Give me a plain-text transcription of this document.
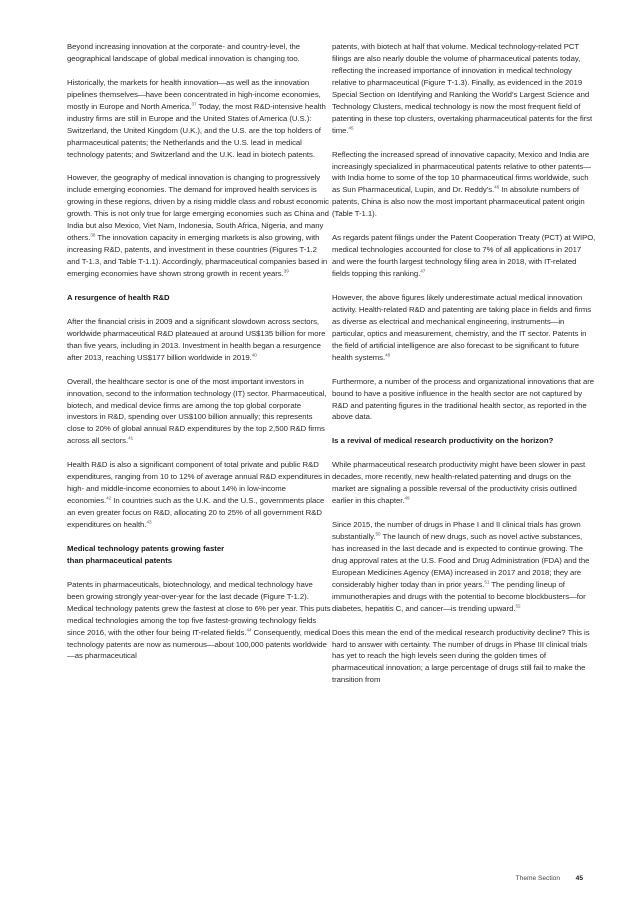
Beyond increasing innovation at the corporate- and country-level, the geographical landscape of global medical innovation is changing too.

Historically, the markets for health innovation—as well as the innovation pipelines themselves—have been concentrated in high-income economies, mostly in Europe and North America.$^{37}$ Today, the most R&D-intensive health industry firms are still in Europe and the United States of America (U.S.): Switzerland, the United Kingdom (U.K.), and the U.S. are the top holders of pharmaceutical patents; the Netherlands and the U.S. lead in medical technology patents; and Switzerland and the U.K. lead in biotech patents.

However, the geography of medical innovation is changing to progressively include emerging economies. The demand for improved health services is growing in these regions, driven by a rising middle class and robust economic growth. This is not only true for large emerging economies such as China and India but also Mexico, Viet Nam, Indonesia, South Africa, Nigeria, and many others.$^{38}$ The innovation capacity in emerging markets is also growing, with increasing R&D, patents, and investment in these countries (Figures T-1.2 and T-1.3, and Table T-1.1). Accordingly, pharmaceutical companies based in emerging economies have shown strong growth in recent years.$^{39}$

A resurgence of health R&D

After the financial crisis in 2009 and a significant slowdown across sectors, worldwide pharmaceutical R&D plateaued at around US$135 billion for more than five years, including in 2013. Investment in health began a resurgence after 2013, reaching US$177 billion worldwide in 2019.40

Overall, the healthcare sector is one of the most important investors in innovation, second to the information technology (IT) sector. Pharmaceutical, biotech, and medical device firms are among the top global corporate investors in R&D, spending over US$100 billion annually; this represents close to 20% of global annual R&D expenditures by the top 2,500 R&D firms across all sectors.$^{41}$

Health R&D is also a significant component of total private and public R&D expenditures, ranging from 10 to 12% of average annual R&D expenditures in high- and middle-income economies to about 14% in low-income economies.$^{42}$ In countries such as the U.K. and the U.S., governments place an even greater focus on R&D, allocating 20 to 25% of all government R&D expenditures on health.$^{43}$

Medical technology patents growing faster
than pharmaceutical patents

Patents in pharmaceuticals, biotechnology, and medical technology have been growing strongly year-over-year for the last decade (Figure T-1.2). Medical technology patents grew the fastest at close to 6% per year. This puts medical technologies among the top five fastest-growing technology fields since 2016, with the other four being IT-related fields.$^{44}$ Consequently, medical technology patents are now as numerous—about 100,000 patents worldwide—as pharmaceutical

patents, with biotech at half that volume. Medical technology-related PCT filings are also nearly double the volume of pharmaceutical patents today, reflecting the increased importance of innovation in medical technology relative to pharmaceutical (Figure T-1.3). Finally, as evidenced in the 2019 Special Section on Identifying and Ranking the World’s Largest Science and Technology Clusters, medical technology is now the most frequent field of patenting in these top clusters, overtaking pharmaceutical patents for the first time.$^{45}$

Reflecting the increased spread of innovative capacity, Mexico and India are increasingly specialized in pharmaceutical patents relative to other patents—with India home to some of the top 10 pharmaceutical firms worldwide, such as Sun Pharmaceutical, Lupin, and Dr. Reddy’s.$^{46}$ In absolute numbers of patents, China is also now the most important pharmaceutical patent origin (Table T-1.1).

As regards patent filings under the Patent Cooperation Treaty (PCT) at WIPO, medical technologies accounted for close to 7% of all applications in 2017 and were the fourth largest technology filing area in 2018, with IT-related fields topping this ranking.$^{47}$

However, the above figures likely underestimate actual medical innovation activity. Health-related R&D and patenting are taking place in fields and firms as diverse as electrical and mechanical engineering, instruments—in particular, optics and measurement, chemistry, and the IT sector. Patents in the field of artificial intelligence are also forecast to be significant to future health systems.$^{48}$

Furthermore, a number of the process and organizational innovations that are bound to have a positive influence in the health sector are not captured by R&D and patenting figures in the traditional health sector, as reported in the above data.

Is a revival of medical research productivity on the horizon?

While pharmaceutical research productivity might have been slower in past decades, more recently, new health-related patenting and drugs on the market are signaling a possible reversal of the productivity crisis outlined earlier in this chapter.$^{49}$

Since 2015, the number of drugs in Phase I and II clinical trials has grown substantially.$^{50}$ The launch of new drugs, such as novel active substances, has increased in the last decade and is expected to continue growing. The drug approval rates at the U.S. Food and Drug Administration (FDA) and the European Medicines Agency (EMA) increased in 2017 and 2018; they are considerably higher today than in prior years.$^{51}$ The pending lineup of immunotherapies and drugs with the potential to become blockbusters—for diabetes, hepatitis C, and cancer—is trending upward.$^{52}$

Does this mean the end of the medical research productivity decline? This is hard to answer with certainty. The number of drugs in Phase III clinical trials has yet to reach the high levels seen during the golden times of pharmaceutical innovation; a large percentage of drugs still fail to make the transition from

Theme Section 45
